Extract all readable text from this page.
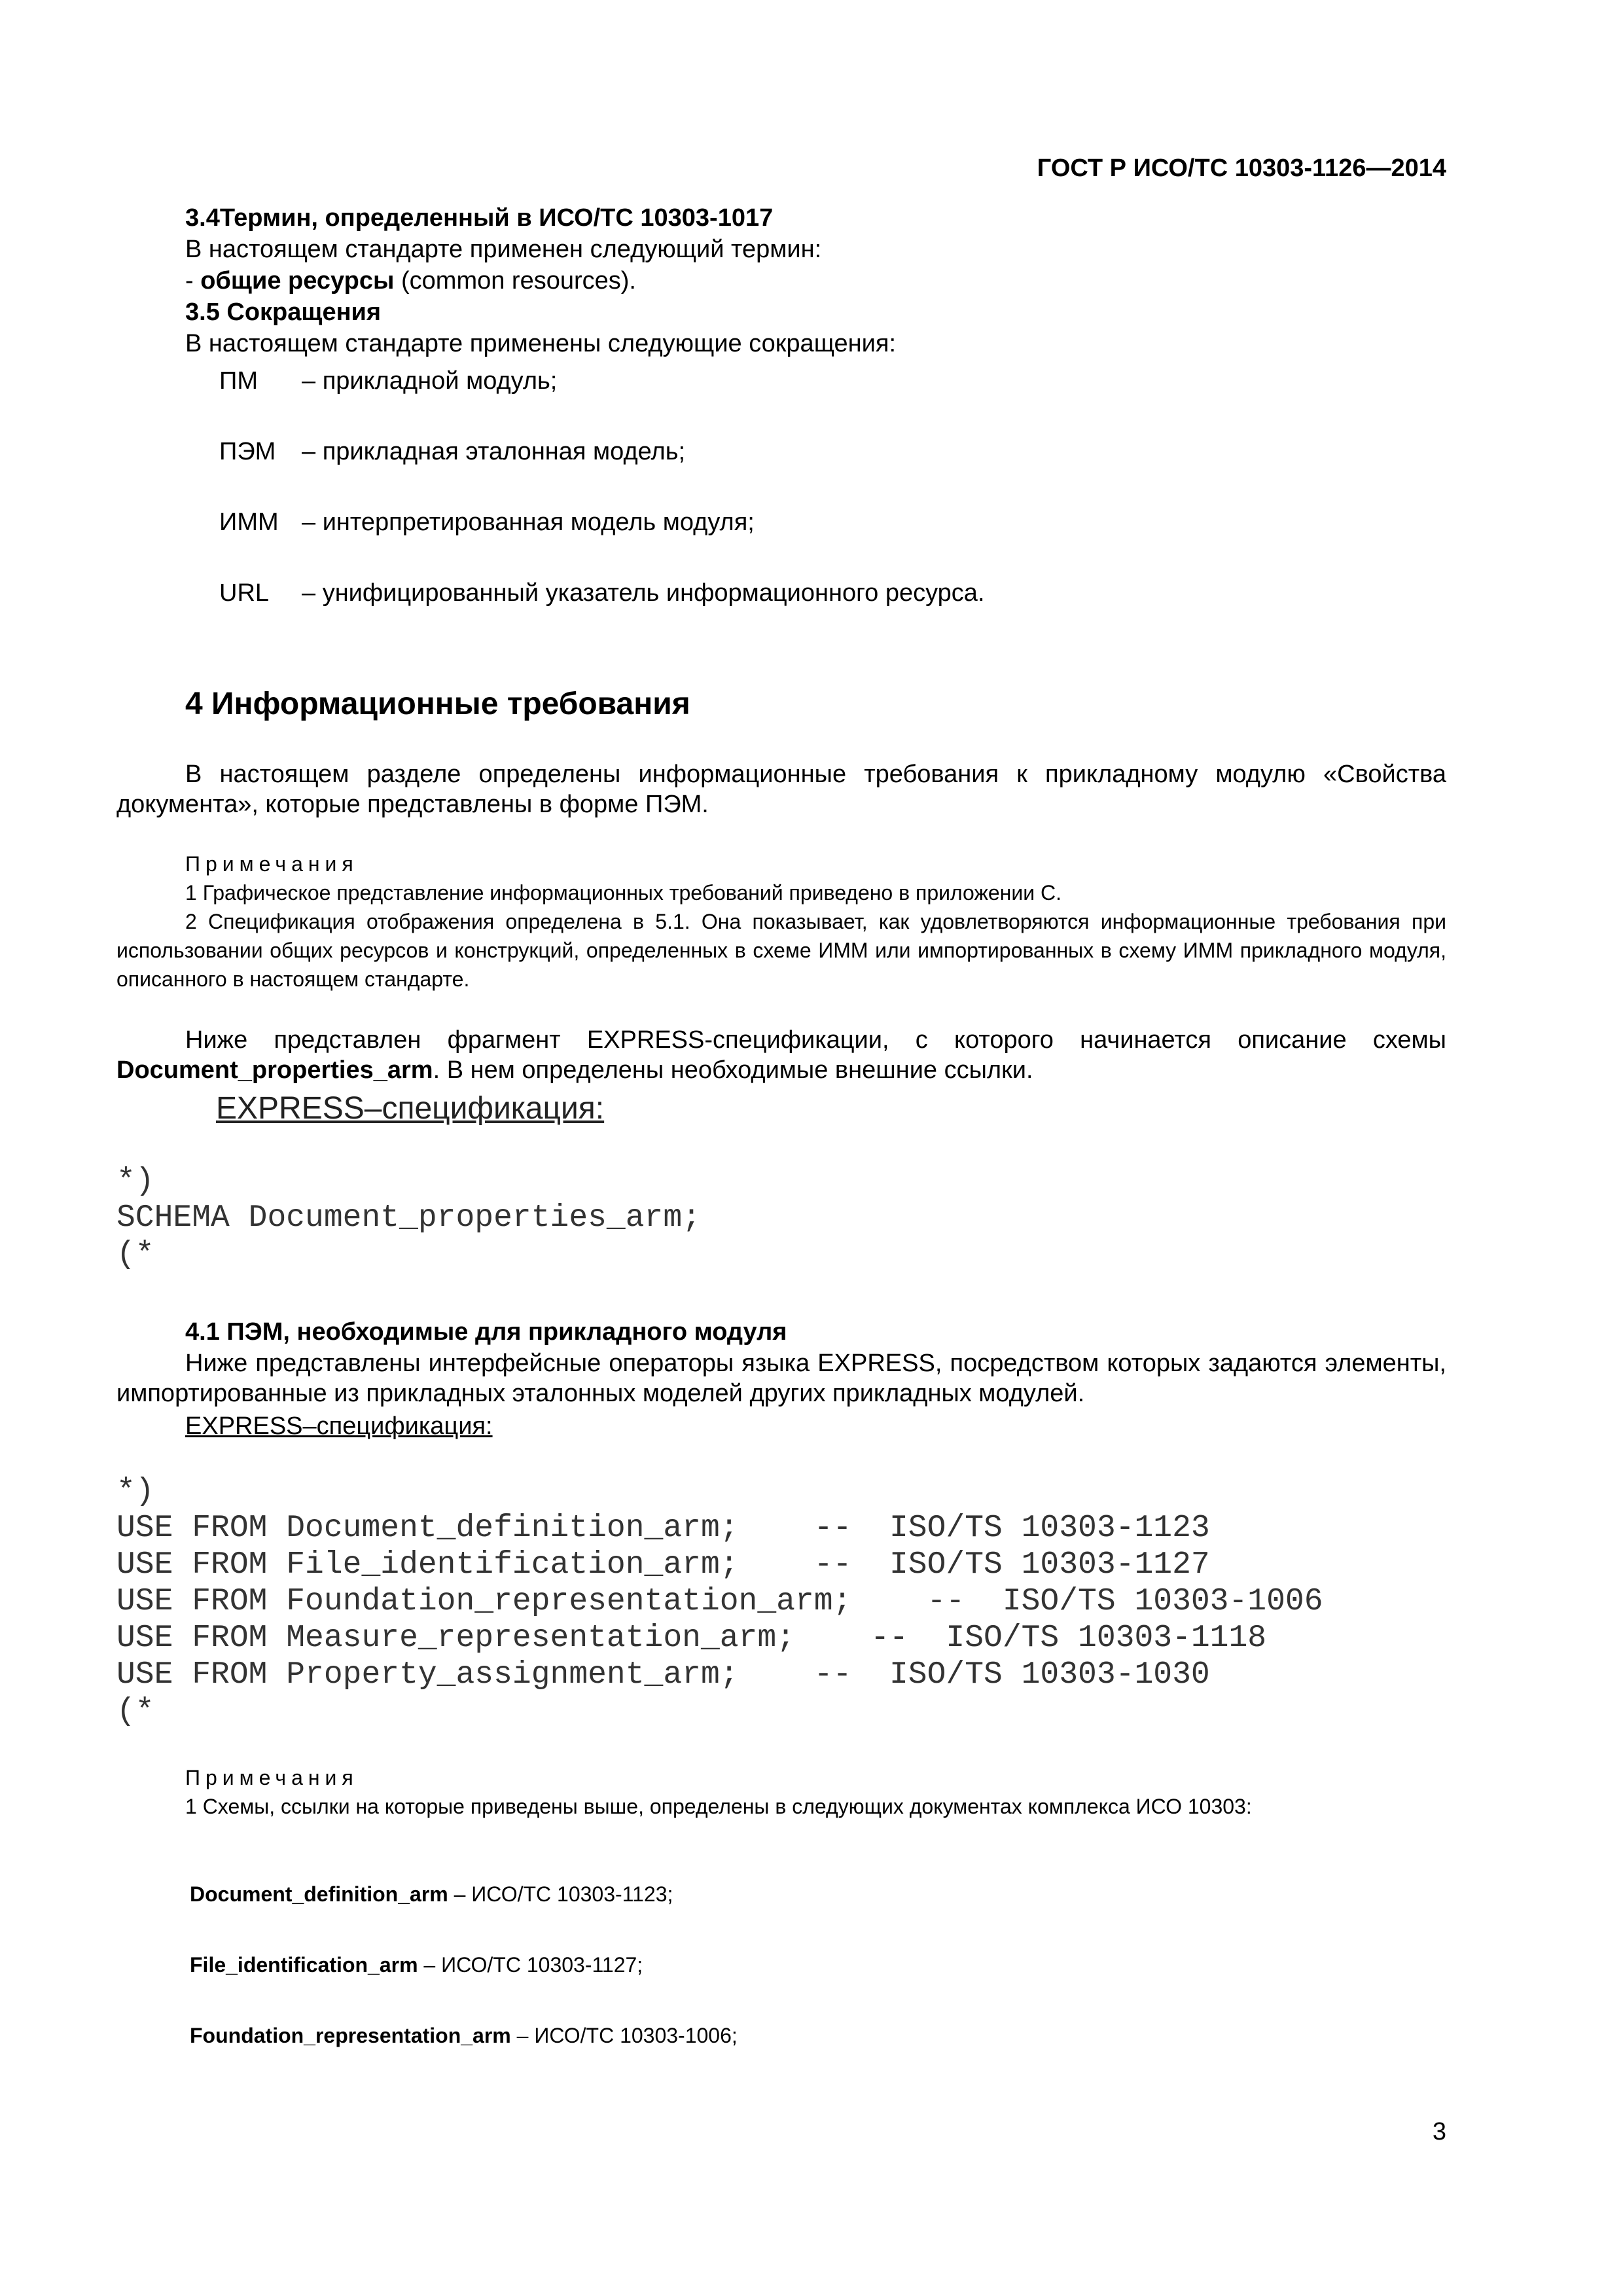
ГОСТ Р ИСО/ТС 10303-1126—2014
3.4Термин, определенный в ИСО/ТС 10303-1017
В настоящем стандарте применен следующий термин:
- общие ресурсы (common resources).
3.5 Сокращения
В настоящем стандарте применены следующие сокращения:
ПМ – прикладной модуль;
ПЭМ – прикладная эталонная модель;
ИММ – интерпретированная модель модуля;
URL – унифицированный указатель информационного ресурса.
4 Информационные требования
В настоящем разделе определены информационные требования к прикладному модулю «Свойства документа», которые представлены в форме ПЭМ.
Примечания
1 Графическое представление информационных требований приведено в приложении С.
2 Спецификация отображения определена в 5.1. Она показывает, как удовлетворяются информационные требования при использовании общих ресурсов и конструкций, определенных в схеме ИММ или импортированных в схему ИММ прикладного модуля, описанного в настоящем стандарте.
Ниже представлен фрагмент EXPRESS-спецификации, с которого начинается описание схемы Document_properties_arm. В нем определены необходимые внешние ссылки.
EXPRESS–спецификация:
*)
SCHEMA Document_properties_arm;
(*
4.1 ПЭМ, необходимые для прикладного модуля
Ниже представлены интерфейсные операторы языка EXPRESS, посредством которых задаются элементы, импортированные из прикладных эталонных моделей других прикладных модулей.
EXPRESS–спецификация:
*)
USE FROM Document_definition_arm;    --  ISO/TS 10303-1123
USE FROM File_identification_arm;    --  ISO/TS 10303-1127
USE FROM Foundation_representation_arm;    --  ISO/TS 10303-1006
USE FROM Measure_representation_arm;    --  ISO/TS 10303-1118
USE FROM Property_assignment_arm;    --  ISO/TS 10303-1030
(*
Примечания
1 Схемы, ссылки на которые приведены выше, определены в следующих документах комплекса ИСО 10303:
Document_definition_arm – ИСО/ТС 10303-1123;
File_identification_arm – ИСО/ТС 10303-1127;
Foundation_representation_arm – ИСО/ТС 10303-1006;
3
